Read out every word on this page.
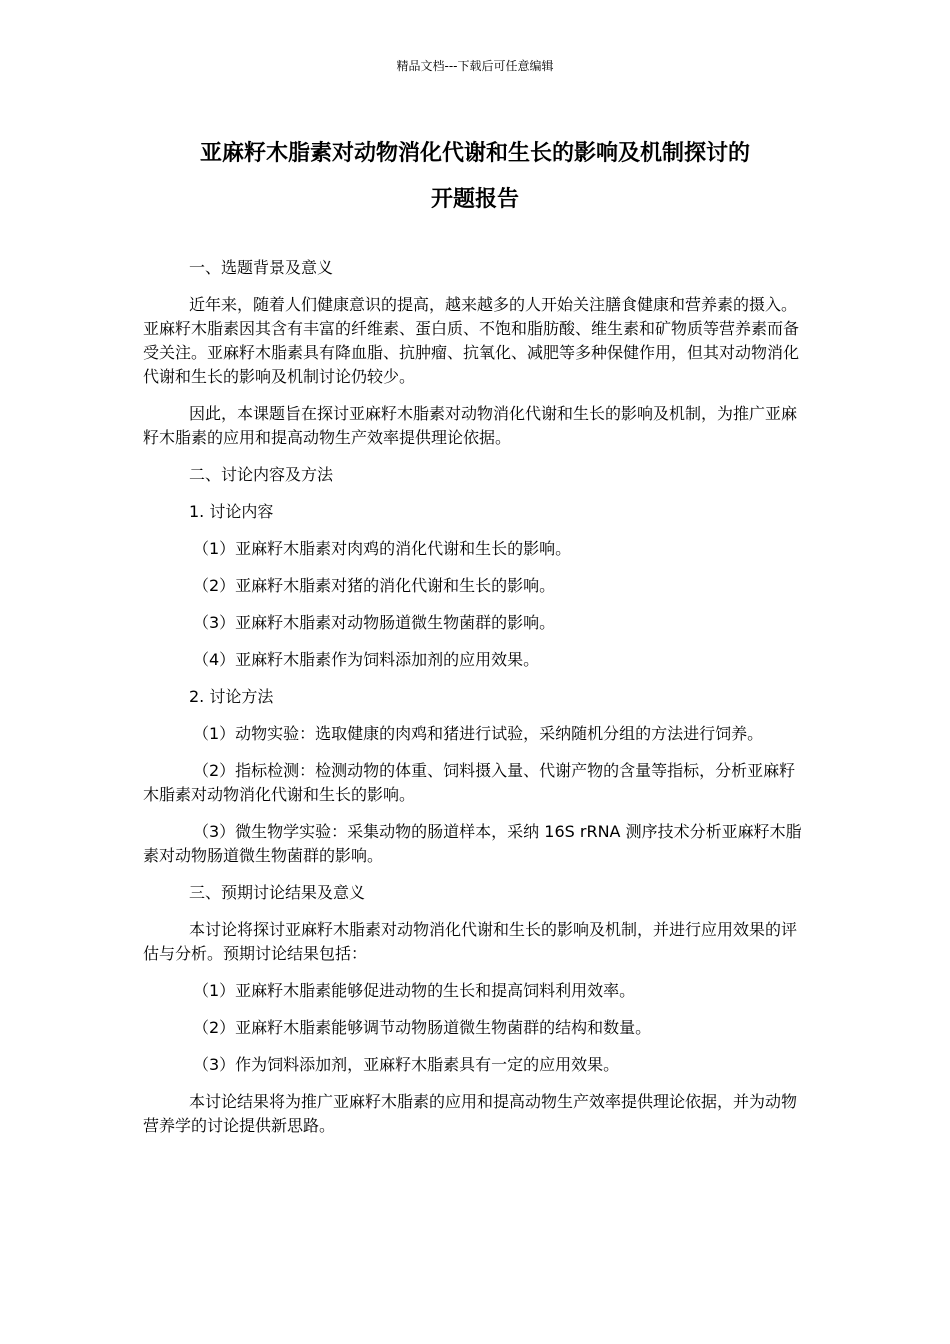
精品文档---下载后可任意编辑
亚麻籽木脂素对动物消化代谢和生长的影响及机制探讨的
开题报告

一、选题背景及意义

近年来，随着人们健康意识的提高，越来越多的人开始关注膳食健康和营养素的摄入。亚麻籽木脂素因其含有丰富的纤维素、蛋白质、不饱和脂肪酸、维生素和矿物质等营养素而备受关注。亚麻籽木脂素具有降血脂、抗肿瘤、抗氧化、减肥等多种保健作用，但其对动物消化代谢和生长的影响及机制讨论仍较少。

因此，本课题旨在探讨亚麻籽木脂素对动物消化代谢和生长的影响及机制，为推广亚麻籽木脂素的应用和提高动物生产效率提供理论依据。

二、讨论内容及方法

1. 讨论内容

（1）亚麻籽木脂素对肉鸡的消化代谢和生长的影响。

（2）亚麻籽木脂素对猪的消化代谢和生长的影响。

（3）亚麻籽木脂素对动物肠道微生物菌群的影响。

（4）亚麻籽木脂素作为饲料添加剂的应用效果。

2. 讨论方法

（1）动物实验：选取健康的肉鸡和猪进行试验，采纳随机分组的方法进行饲养。

（2）指标检测：检测动物的体重、饲料摄入量、代谢产物的含量等指标，分析亚麻籽木脂素对动物消化代谢和生长的影响。

（3）微生物学实验：采集动物的肠道样本，采纳 16S rRNA 测序技术分析亚麻籽木脂素对动物肠道微生物菌群的影响。

三、预期讨论结果及意义

本讨论将探讨亚麻籽木脂素对动物消化代谢和生长的影响及机制，并进行应用效果的评估与分析。预期讨论结果包括：

（1）亚麻籽木脂素能够促进动物的生长和提高饲料利用效率。

（2）亚麻籽木脂素能够调节动物肠道微生物菌群的结构和数量。

（3）作为饲料添加剂，亚麻籽木脂素具有一定的应用效果。

本讨论结果将为推广亚麻籽木脂素的应用和提高动物生产效率提供理论依据，并为动物营养学的讨论提供新思路。
